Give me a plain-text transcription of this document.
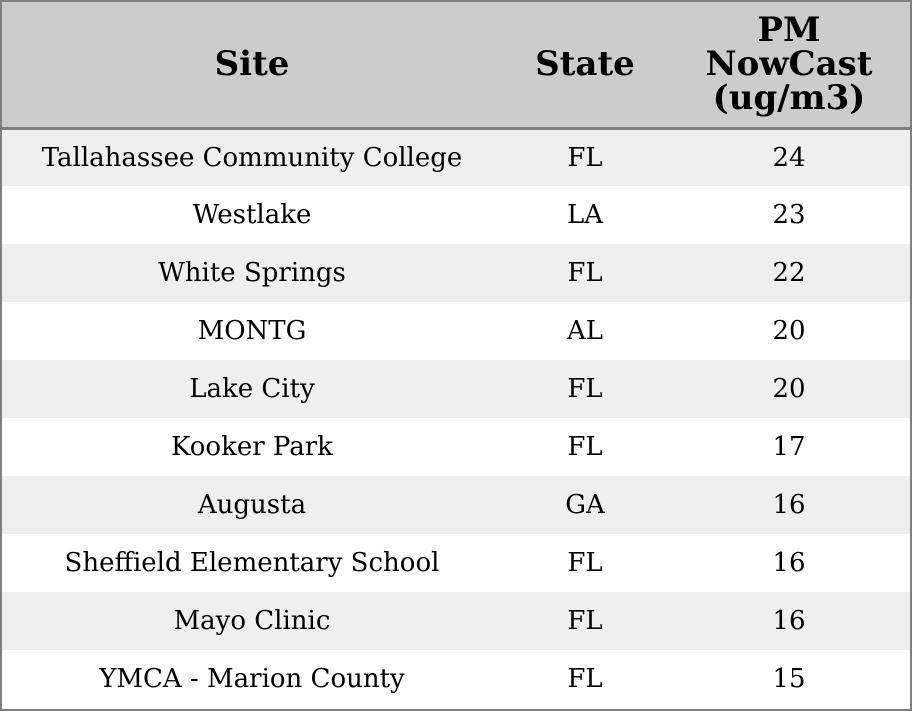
Site	State	PM
NowCast
(ug/m3)
Tallahassee Community College	FL	24
Westlake	LA	23
White Springs	FL	22
MONTG	AL	20
Lake City	FL	20
Kooker Park	FL	17
Augusta	GA	16
Sheffield Elementary School	FL	16
Mayo Clinic	FL	16
YMCA - Marion County	FL	15
